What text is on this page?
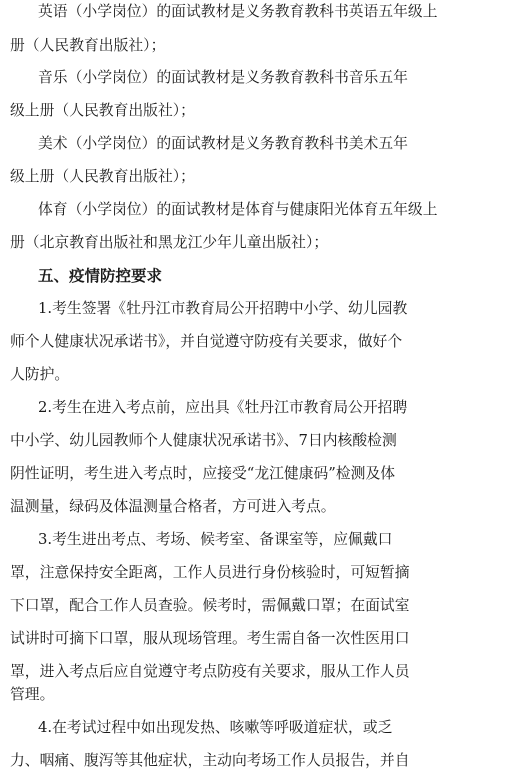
英语（小学岗位）的面试教材是义务教育教科书英语五年级上
册（人民教育出版社）；
音乐（小学岗位）的面试教材是义务教育教科书音乐五年
级上册（人民教育出版社）；
美术（小学岗位）的面试教材是义务教育教科书美术五年
级上册（人民教育出版社）；
体育（小学岗位）的面试教材是体育与健康阳光体育五年级上
册（北京教育出版社和黑龙江少年儿童出版社）；
五、疫情防控要求
1.考生签署《牡丹江市教育局公开招聘中小学、幼儿园教
师个人健康状况承诺书》，并自觉遵守防疫有关要求，做好个
人防护。
2.考生在进入考点前，应出具《牡丹江市教育局公开招聘
中小学、幼儿园教师个人健康状况承诺书》、7日内核酸检测
阴性证明，考生进入考点时，应接受“龙江健康码”检测及体
温测量，绿码及体温测量合格者，方可进入考点。
3.考生进出考点、考场、候考室、备课室等，应佩戴口
罩，注意保持安全距离，工作人员进行身份核验时，可短暂摘
下口罩，配合工作人员查验。候考时，需佩戴口罩；在面试室
试讲时可摘下口罩，服从现场管理。考生需自备一次性医用口
罩，进入考点后应自觉遵守考点防疫有关要求，服从工作人员
管理。
4.在考试过程中如出现发热、咳嗽等呼吸道症状，或乏
力、咽痛、腹泻等其他症状，主动向考场工作人员报告，并自
